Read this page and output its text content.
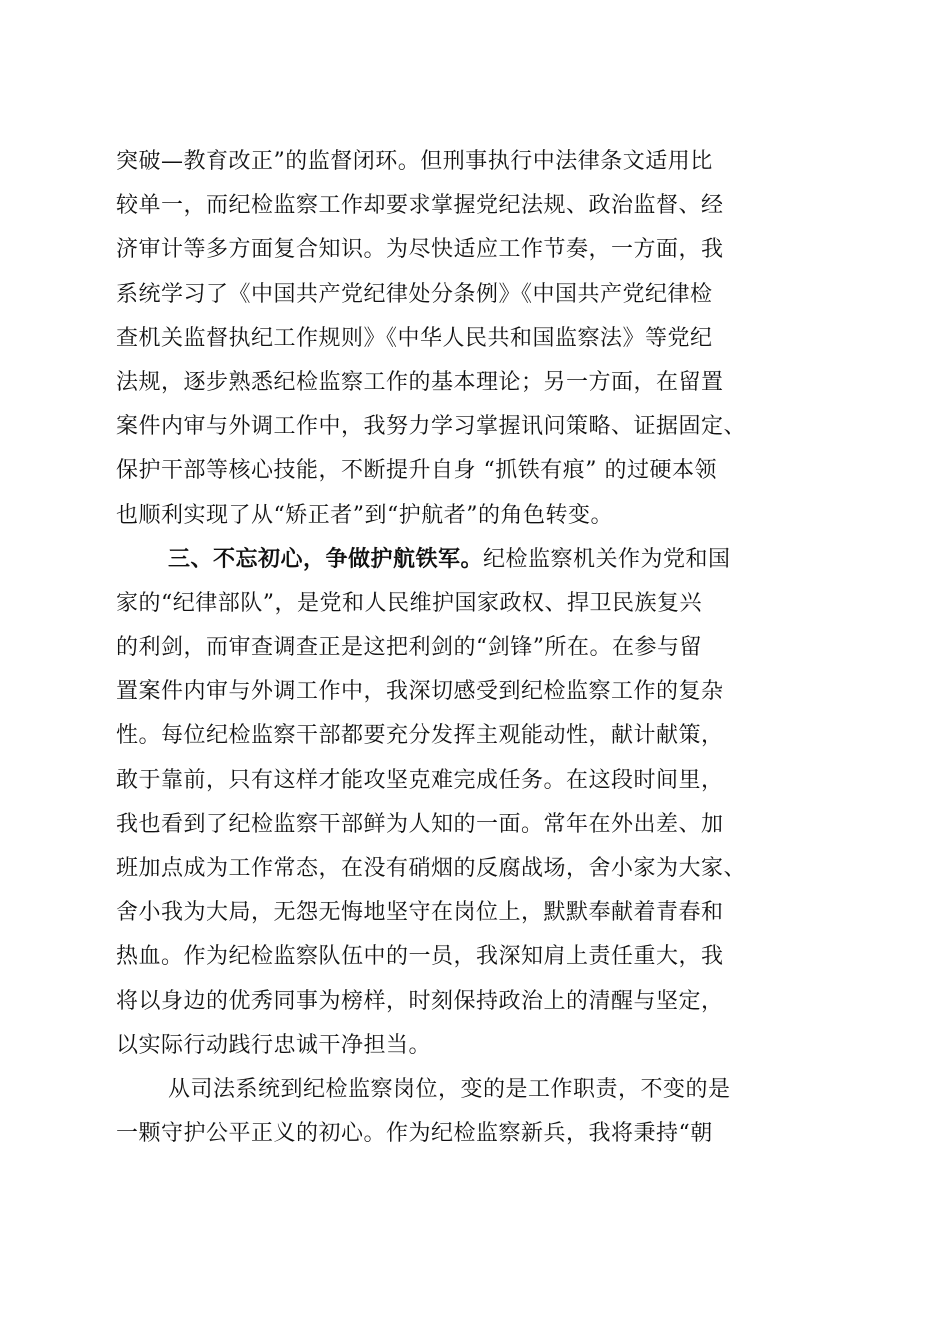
突破—教育改正”的监督闭环。但刑事执行中法律条文适用比
较单一，而纪检监察工作却要求掌握党纪法规、政治监督、经
济审计等多方面复合知识。为尽快适应工作节奏，一方面，我
系统学习了《中国共产党纪律处分条例》《中国共产党纪律检
查机关监督执纪工作规则》《中华人民共和国监察法》等党纪
法规，逐步熟悉纪检监察工作的基本理论；另一方面，在留置
案件内审与外调工作中，我努力学习掌握讯问策略、证据固定、
保护干部等核心技能，不断提升自身 “抓铁有痕” 的过硬本领
也顺利实现了从“矫正者”到“护航者”的角色转变。
三、不忘初心，争做护航铁军。纪检监察机关作为党和国
家的“纪律部队”，是党和人民维护国家政权、捍卫民族复兴
的利剑，而审查调查正是这把利剑的“剑锋”所在。在参与留
置案件内审与外调工作中，我深切感受到纪检监察工作的复杂
性。每位纪检监察干部都要充分发挥主观能动性，献计献策，
敢于靠前，只有这样才能攻坚克难完成任务。在这段时间里，
我也看到了纪检监察干部鲜为人知的一面。常年在外出差、加
班加点成为工作常态，在没有硝烟的反腐战场，舍小家为大家、
舍小我为大局，无怨无悔地坚守在岗位上，默默奉献着青春和
热血。作为纪检监察队伍中的一员，我深知肩上责任重大，我
将以身边的优秀同事为榜样，时刻保持政治上的清醒与坚定，
以实际行动践行忠诚干净担当。
从司法系统到纪检监察岗位，变的是工作职责，不变的是
一颗守护公平正义的初心。作为纪检监察新兵，我将秉持“朝
